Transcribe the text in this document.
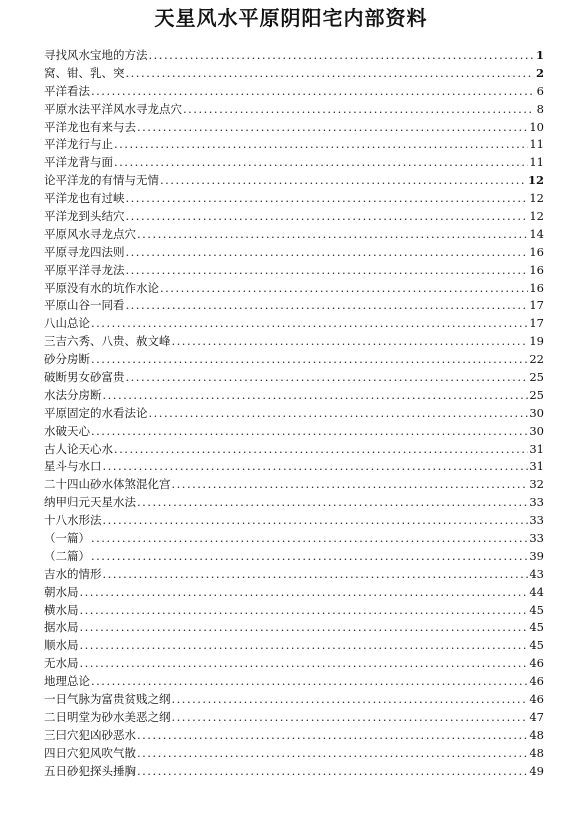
天星风水平原阴阳宅内部资料
寻找风水宝地的方法 .....	1
窝、钳、乳、突 .....	2
平洋看法 .....	6
平原水法平洋风水寻龙点穴 .....	8
平洋龙也有来与去 .....	10
平洋龙行与止 .....	11
平洋龙背与面 .....	11
论平洋龙的有情与无情 .....	12
平洋龙也有过峡 .....	12
平洋龙到头结穴 .....	12
平原风水寻龙点穴 .....	14
平原寻龙四法则 .....	16
平原平洋寻龙法 .....	16
平原没有水的坑作水论 .....	16
平原山谷一同看 .....	17
八山总论 .....	17
三吉六秀、八贵、赦文峰 .....	19
砂分房断 .....	22
破断男女砂富贵 .....	25
水法分房断 .....	25
平原固定的水看法论 .....	30
水破天心 .....	30
古人论天心水 .....	31
星斗与水口 .....	31
二十四山砂水体煞混化宫 .....	32
纳甲归元天星水法 .....	33
十八水形法 .....	33
（一篇） .....	33
（二篇） .....	39
吉水的情形 .....	43
朝水局 .....	44
横水局 .....	45
据水局 .....	45
顺水局 .....	45
无水局 .....	46
地理总论 .....	46
一日气脉为富贵贫贱之纲 .....	46
二日明堂为砂水美恶之纲 .....	47
三曰穴犯凶砂恶水 .....	48
四日穴犯风吹气散 .....	48
五日砂犯探头捶胸 .....	49
